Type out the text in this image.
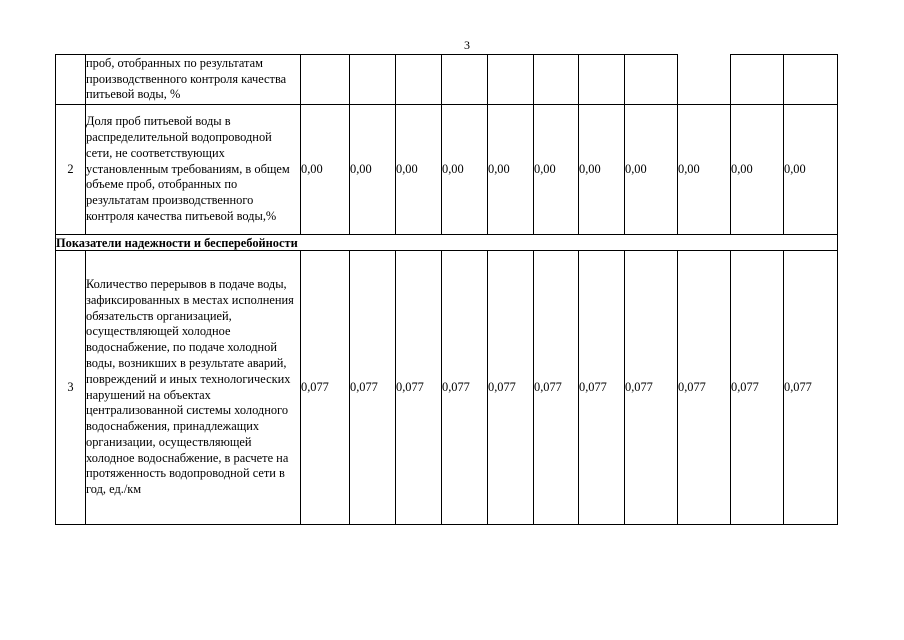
3
	проб, отобранных по результатам производственного контроля качества питьевой воды, %											
2	Доля проб питьевой воды в распределительной водопроводной сети, не соответствующих установленным требованиям, в общем объеме проб, отобранных по результатам производственного контроля качества питьевой воды,%	0,00	0,00	0,00	0,00	0,00	0,00	0,00	0,00	0,00	0,00	0,00
Показатели надежности и бесперебойности												
3	Количество перерывов в подаче воды, зафиксированных в местах исполнения обязательств организацией, осуществляющей холодное водоснабжение, по подаче холодной воды, возникших в результате аварий, повреждений и иных технологических нарушений на объектах централизованной системы холодного водоснабжения, принадлежащих организации, осуществляющей холодное водоснабжение, в расчете на протяженность водопроводной сети в год, ед./км	0,077	0,077	0,077	0,077	0,077	0,077	0,077	0,077	0,077	0,077	0,077
